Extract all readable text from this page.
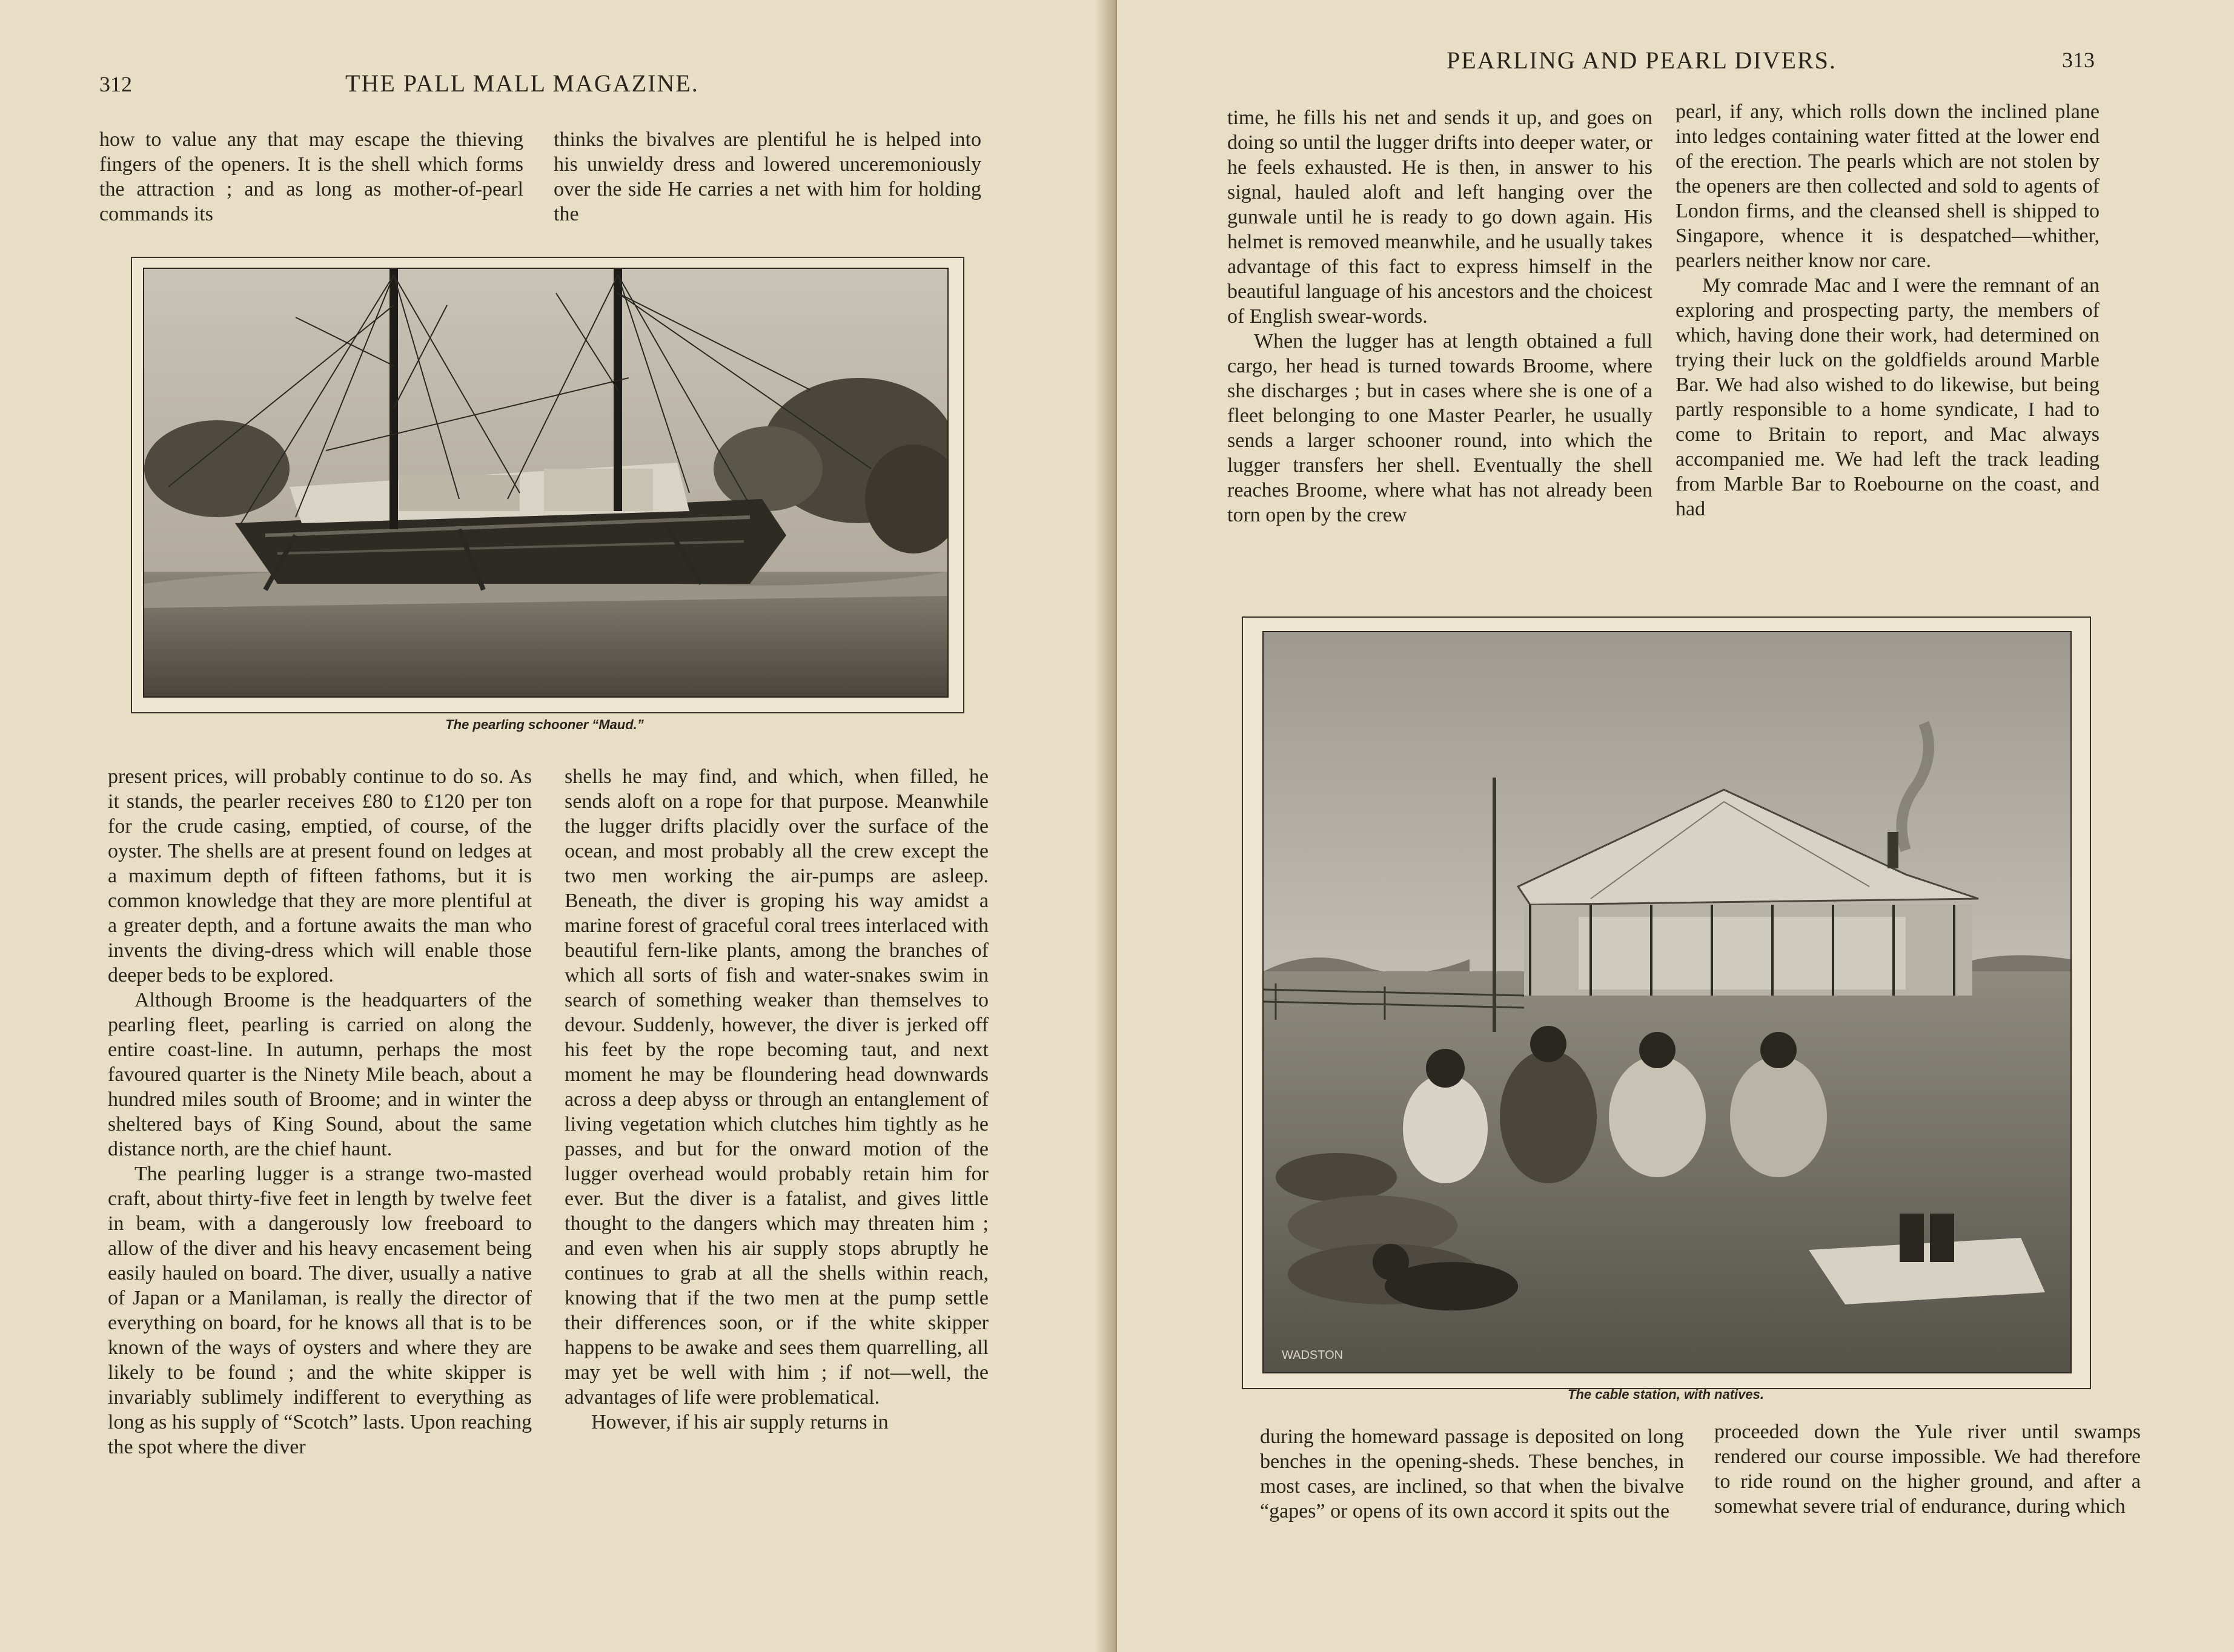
312	THE PALL MALL MAGAZINE.

how to value any that may escape the thieving fingers of the openers. It is the shell which forms the attraction ; and as long as mother-of-pearl commands its

thinks the bivalves are plentiful he is helped into his unwieldy dress and lowered unceremoniously over the side He carries a net with him for holding the

The pearling schooner “Maud.”

present prices, will probably continue to do so. As it stands, the pearler receives £80 to £120 per ton for the crude casing, emptied, of course, of the oyster. The shells are at present found on ledges at a maximum depth of fifteen fathoms, but it is common knowledge that they are more plentiful at a greater depth, and a fortune awaits the man who invents the diving-dress which will enable those deeper beds to be explored.

Although Broome is the headquarters of the pearling fleet, pearling is carried on along the entire coast-line. In autumn, perhaps the most favoured quarter is the Ninety Mile beach, about a hundred miles south of Broome; and in winter the sheltered bays of King Sound, about the same distance north, are the chief haunt.

The pearling lugger is a strange two-masted craft, about thirty-five feet in length by twelve feet in beam, with a dangerously low freeboard to allow of the diver and his heavy encasement being easily hauled on board. The diver, usually a native of Japan or a Manilaman, is really the director of everything on board, for he knows all that is to be known of the ways of oysters and where they are likely to be found ; and the white skipper is invariably sublimely indifferent to everything as long as his supply of “Scotch” lasts. Upon reaching the spot where the diver

shells he may find, and which, when filled, he sends aloft on a rope for that purpose. Meanwhile the lugger drifts placidly over the surface of the ocean, and most probably all the crew except the two men working the air-pumps are asleep. Beneath, the diver is groping his way amidst a marine forest of graceful coral trees interlaced with beautiful fern-like plants, among the branches of which all sorts of fish and water-snakes swim in search of something weaker than themselves to devour. Suddenly, however, the diver is jerked off his feet by the rope becoming taut, and next moment he may be floundering head downwards across a deep abyss or through an entanglement of living vegetation which clutches him tightly as he passes, and but for the onward motion of the lugger overhead would probably retain him for ever. But the diver is a fatalist, and gives little thought to the dangers which may threaten him ; and even when his air supply stops abruptly he continues to grab at all the shells within reach, knowing that if the two men at the pump settle their differences soon, or if the white skipper happens to be awake and sees them quarrelling, all may yet be well with him ; if not—well, the advantages of life were problematical.

However, if his air supply returns in

PEARLING AND PEARL DIVERS.	313

time, he fills his net and sends it up, and goes on doing so until the lugger drifts into deeper water, or he feels exhausted. He is then, in answer to his signal, hauled aloft and left hanging over the gunwale until he is ready to go down again. His helmet is removed meanwhile, and he usually takes advantage of this fact to express himself in the beautiful language of his ancestors and the choicest of English swear-words.

When the lugger has at length obtained a full cargo, her head is turned towards Broome, where she discharges ; but in cases where she is one of a fleet belonging to one Master Pearler, he usually sends a larger schooner round, into which the lugger transfers her shell. Eventually the shell reaches Broome, where what has not already been torn open by the crew

pearl, if any, which rolls down the inclined plane into ledges containing water fitted at the lower end of the erection. The pearls which are not stolen by the openers are then collected and sold to agents of London firms, and the cleansed shell is shipped to Singapore, whence it is despatched—whither, pearlers neither know nor care.

My comrade Mac and I were the remnant of an exploring and prospecting party, the members of which, having done their work, had determined on trying their luck on the goldfields around Marble Bar. We had also wished to do likewise, but being partly responsible to a home syndicate, I had to come to Britain to report, and Mac always accompanied me. We had left the track leading from Marble Bar to Roebourne on the coast, and had

WADSTON
The cable station, with natives.

during the homeward passage is deposited on long benches in the opening-sheds. These benches, in most cases, are inclined, so that when the bivalve “gapes” or opens of its own accord it spits out the

proceeded down the Yule river until swamps rendered our course impossible. We had therefore to ride round on the higher ground, and after a somewhat severe trial of endurance, during which
